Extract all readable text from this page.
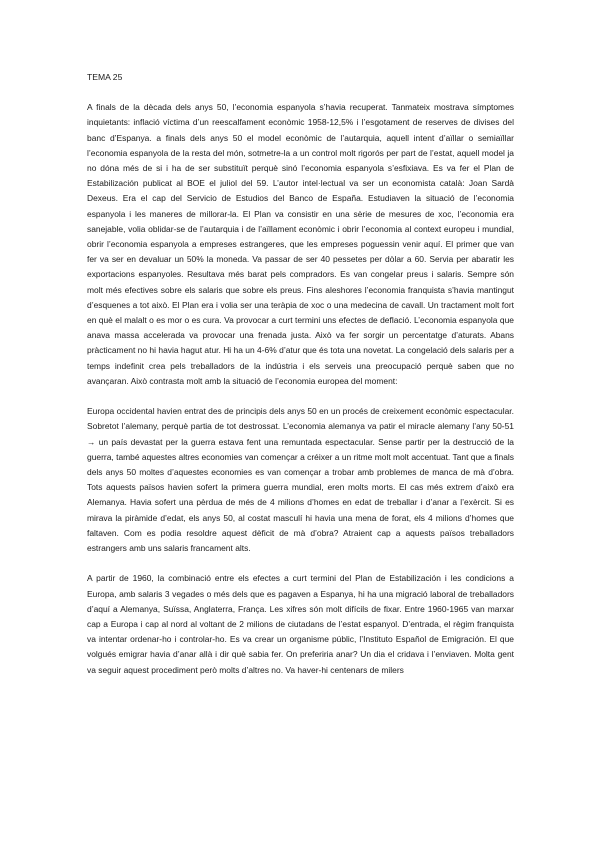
TEMA 25

A finals de la dècada dels anys 50, l’economia espanyola s’havia recuperat. Tanmateix mostrava símptomes inquietants: inflació víctima d’un reescalfament econòmic 1958-12,5% i l’esgotament de reserves de divises del banc d’Espanya. a finals dels anys 50 el model econòmic de l’autarquia, aquell intent d’aïllar o semiaïllar l’economia espanyola de la resta del món, sotmetre-la a un control molt rigorós per part de l’estat, aquell model ja no dóna més de si i ha de ser substituït perquè sinó l’economia espanyola s’esfixiava. Es va fer el Plan de Estabilización publicat al BOE el juliol del 59. L’autor intel·lectual va ser un economista català: Joan Sardà Dexeus. Era el cap del Servicio de Estudios del Banco de España. Estudiaven la situació de l’economia espanyola i les maneres de millorar-la. El Plan va consistir en una sèrie de mesures de xoc, l’economia era sanejable, volia oblidar-se de l’autarquia i de l’aïllament econòmic i obrir l’economia al context europeu i mundial, obrir l’economia espanyola a empreses estrangeres, que les empreses poguessin venir aquí. El primer que van fer va ser en devaluar un 50% la moneda. Va passar de ser 40 pessetes per dòlar a 60. Servia per abaratir les exportacions espanyoles. Resultava més barat pels compradors. Es van congelar preus i salaris. Sempre són molt més efectives sobre els salaris que sobre els preus. Fins aleshores l’economia franquista s’havia mantingut d’esquenes a tot això. El Plan era i volia ser una teràpia de xoc o una medecina de cavall. Un tractament molt fort en què el malalt o es mor o es cura. Va provocar a curt termini uns efectes de deflació. L’economia espanyola que anava massa accelerada va provocar una frenada justa. Això va fer sorgir un percentatge d’aturats. Abans pràcticament no hi havia hagut atur. Hi ha un 4-6% d’atur que és tota una novetat. La congelació dels salaris per a temps indefinit crea pels treballadors de la indústria i els serveis una preocupació perquè saben que no avançaran. Això contrasta molt amb la situació de l’economia europea del moment:

Europa occidental havien entrat des de principis dels anys 50 en un procés de creixement econòmic espectacular. Sobretot l’alemany, perquè partia de tot destrossat. L’economia alemanya va patir el miracle alemany l’any 50-51 → un país devastat per la guerra estava fent una remuntada espectacular. Sense partir per la destrucció de la guerra, també aquestes altres economies van començar a créixer a un ritme molt molt accentuat. Tant que a finals dels anys 50 moltes d’aquestes economies es van començar a trobar amb problemes de manca de mà d’obra. Tots aquests països havien sofert la primera guerra mundial, eren molts morts. El cas més extrem d’això era Alemanya. Havia sofert una pèrdua de més de 4 milions d’homes en edat de treballar i d’anar a l’exèrcit. Si es mirava la piràmide d’edat, els anys 50, al costat masculí hi havia una mena de forat, els 4 milions d’homes que faltaven. Com es podia resoldre aquest dèficit de mà d’obra? Atraient cap a aquests països treballadors estrangers amb uns salaris francament alts.

A partir de 1960, la combinació entre els efectes a curt termini del Plan de Estabilización i les condicions a Europa, amb salaris 3 vegades o més dels que es pagaven a Espanya, hi ha una migració laboral de treballadors d’aquí a Alemanya, Suïssa, Anglaterra, França. Les xifres són molt difícils de fixar. Entre 1960-1965 van marxar cap a Europa i cap al nord al voltant de 2 milions de ciutadans de l’estat espanyol. D’entrada, el règim franquista va intentar ordenar-ho i controlar-ho. Es va crear un organisme públic, l’Instituto Español de Emigración. El que volgués emigrar havia d’anar allà i dir què sabia fer. On preferiria anar? Un dia el cridava i l’enviaven. Molta gent va seguir aquest procediment però molts d’altres no. Va haver-hi centenars de milers
